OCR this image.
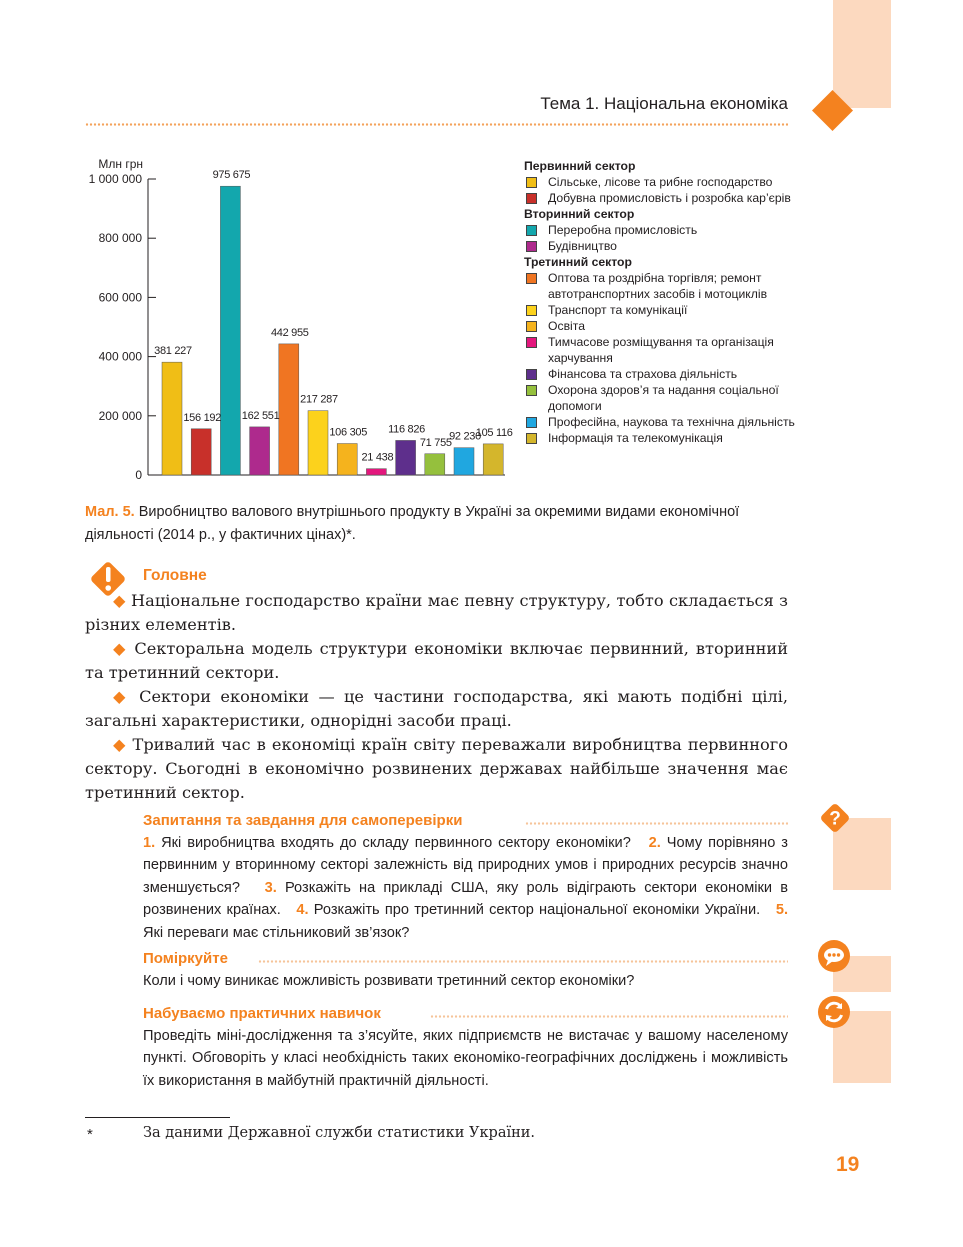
Тема 1. Національна економіка
Млн грн
0
200 000
400 000
600 000
800 000
1 000 000
381 227
156 192
975 675
162 551
442 955
217 287
106 305
21 438
116 826
71 755
92 230
105 116
Первинний сектор
Сільське, лісове та рибне господарство
Добувна промисловість і розробка кар’єрів
Вторинний сектор
Переробна промисловість
Будівництво
Третинний сектор
Оптова та роздрібна торгівля; ремонт автотранспортних засобів і мотоциклів
Транспорт та комунікації
Освіта
Тимчасове розміщування та організація харчування
Фінансова та страхова діяльність
Охорона здоров’я та надання соціальної допомоги
Професійна, наукова та технічна діяльність
Інформація та телекомунікація
Мал. 5. Виробництво валового внутрішнього продукту в Україні за окремими видами економічної діяльності (2014 р., у фактичних цінах)*.
Головне

◆ Національне господарство країни має певну структуру, тобто складається з різних елементів.

◆ Секторальна модель структури економіки включає первинний, вторинний та третинний сектори.

◆ Сектори економіки — це частини господарства, які мають подібні цілі, загальні характеристики, однорідні засоби праці.

◆ Тривалий час в економіці країн світу переважали виробництва первинного сектору. Сьогодні в економічно розвинених державах найбільше значення має третинний сектор.

?
Запитання та завдання для самоперевірки
1. Які виробництва входять до складу первинного сектору економіки? 2. Чому порівняно з первинним у вторинному секторі залежність від природних умов і природних ресурсів значно зменшується? 3. Розкажіть на прикладі США, яку роль відіграють сектори економіки в розвинених країнах. 4. Розкажіть про третинний сектор національної економіки України. 5. Які переваги має стільниковий зв’язок?
Поміркуйте
Коли і чому виникає можливість розвивати третинний сектор економіки?
Набуваємо практичних навичок
Проведіть міні-дослідження та з’ясуйте, яких підприємств не вистачає у вашому населеному пункті. Обговоріть у класі необхідність таких економіко-географічних досліджень і можливість їх використання в майбутній практичній діяльності.
*	За даними Державної служби статистики України.
19
